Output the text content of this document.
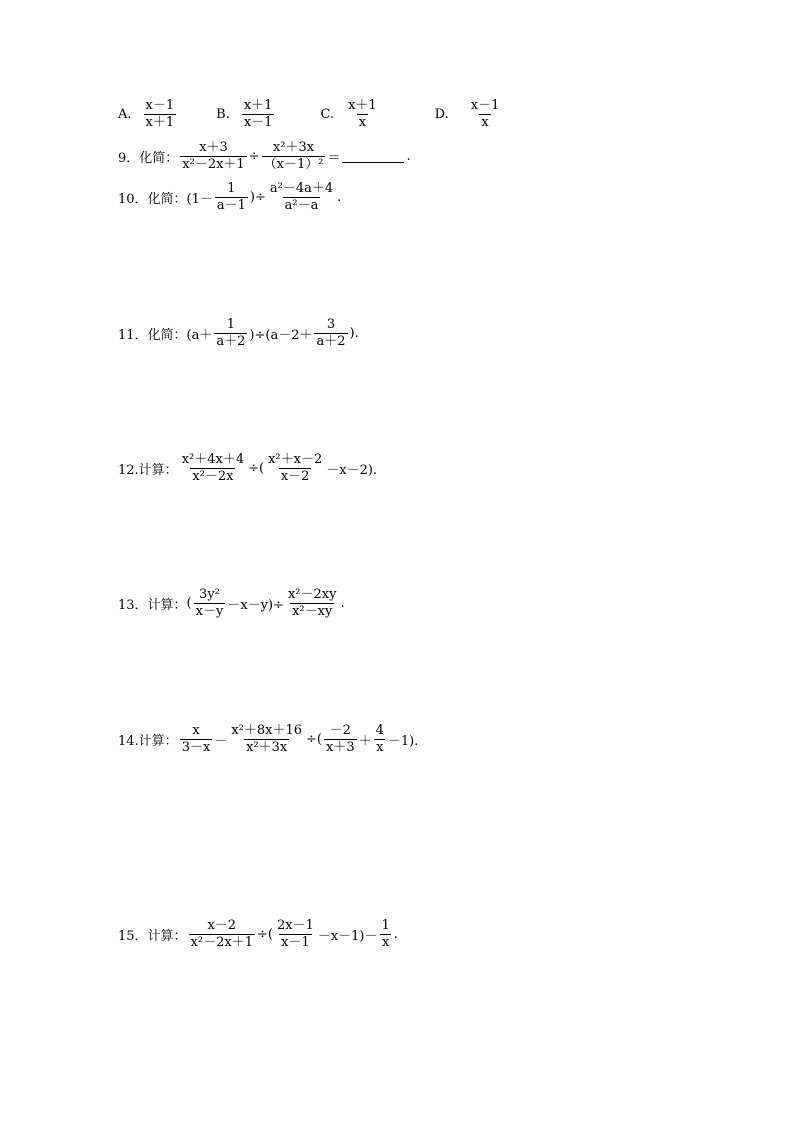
A. $\frac{x-1}{x+1}$	B. $\frac{x+1}{x-1}$	C. $\frac{x+1}{x}$	D. $\frac{x-1}{x}$
9．化简： $\frac{x+3}{\text{x²－2x＋1}} \div \frac{\text{x²＋3x}}{\text{（x－1）²}}$ ＝	.
10．化简： ($1- \frac{1}{a-1}$ )÷ $\frac{\text{a²－4a＋4}}{\text{a²－a}}$ .
11．化简： $(a+ \frac{1}{a+2} )\div(a-2+ \frac{3}{a+2}$ ).
12.计算： $\frac{\text{x²＋4x＋4}}{\text{x²－2x}}$ ÷( $\frac{\text{x²＋x－2}}{x-2} -x-2$).
13．计算： ( $\frac{\text{3y²}}{x-y} -x-y)\div \frac{\text{x²－2xy}}{\text{x²－xy}}$ .
14.计算： $\frac{x}{3-x} - \frac{\text{x²＋8x＋16}}{\text{x²＋3x}}$ ÷( $\frac{-2}{x+3} + \frac{4}{x} -1$).
15．计算： $\frac{x-2}{\text{x²－2x＋1}}$ ÷( $\frac{2x-1}{x-1} -x-1)- \frac{1}{x}$ .
